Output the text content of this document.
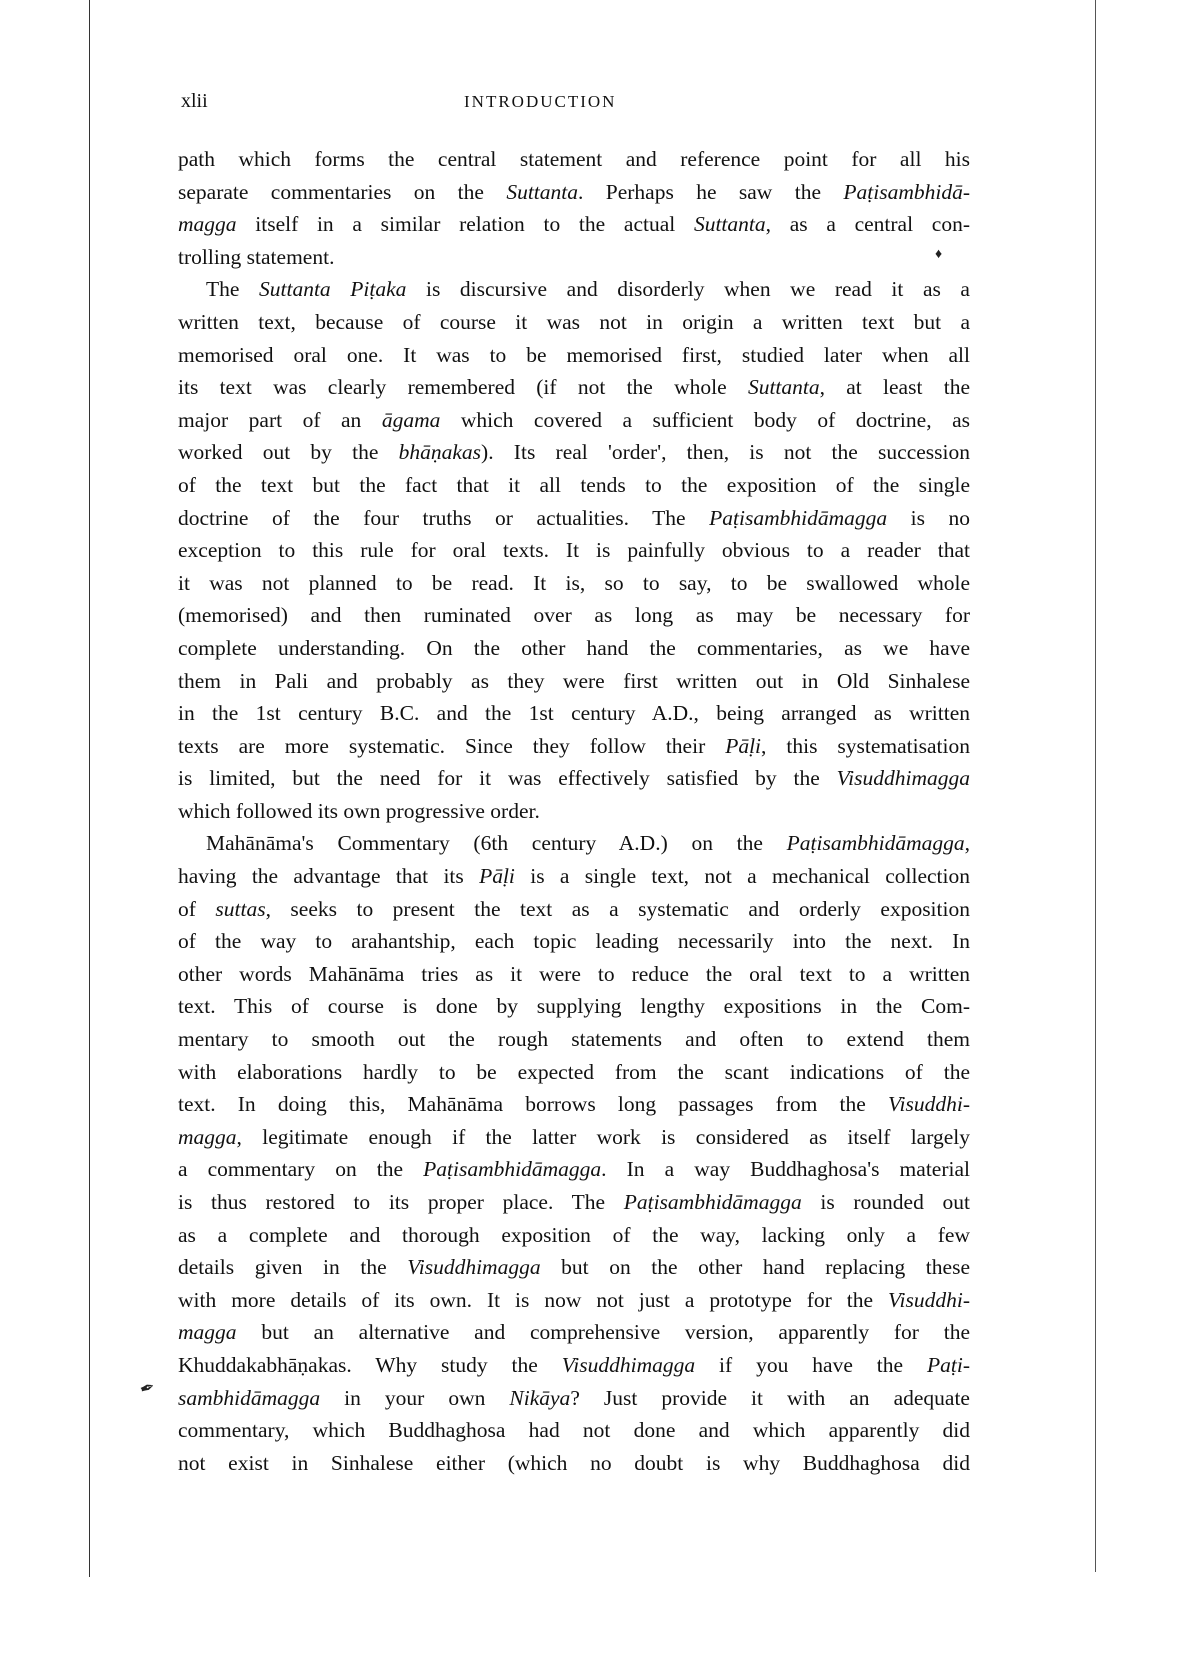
xlii	INTRODUCTION
♦
✒
path which forms the central statement and reference point for all his
separate commentaries on the Suttanta. Perhaps he saw the Paṭisambhidā-
magga itself in a similar relation to the actual Suttanta, as a central con-
trolling statement.
The Suttanta Piṭaka is discursive and disorderly when we read it as a
written text, because of course it was not in origin a written text but a
memorised oral one. It was to be memorised first, studied later when all
its text was clearly remembered (if not the whole Suttanta, at least the
major part of an āgama which covered a sufficient body of doctrine, as
worked out by the bhāṇakas). Its real 'order', then, is not the succession
of the text but the fact that it all tends to the exposition of the single
doctrine of the four truths or actualities. The Paṭisambhidāmagga is no
exception to this rule for oral texts. It is painfully obvious to a reader that
it was not planned to be read. It is, so to say, to be swallowed whole
(memorised) and then ruminated over as long as may be necessary for
complete understanding. On the other hand the commentaries, as we have
them in Pali and probably as they were first written out in Old Sinhalese
in the 1st century B.C. and the 1st century A.D., being arranged as written
texts are more systematic. Since they follow their Pāḷi, this systematisation
is limited, but the need for it was effectively satisfied by the Visuddhimagga
which followed its own progressive order.
Mahānāma's Commentary (6th century A.D.) on the Paṭisambhidāmagga,
having the advantage that its Pāḷi is a single text, not a mechanical collection
of suttas, seeks to present the text as a systematic and orderly exposition
of the way to arahantship, each topic leading necessarily into the next. In
other words Mahānāma tries as it were to reduce the oral text to a written
text. This of course is done by supplying lengthy expositions in the Com-
mentary to smooth out the rough statements and often to extend them
with elaborations hardly to be expected from the scant indications of the
text. In doing this, Mahānāma borrows long passages from the Visuddhi-
magga, legitimate enough if the latter work is considered as itself largely
a commentary on the Paṭisambhidāmagga. In a way Buddhaghosa's material
is thus restored to its proper place. The Paṭisambhidāmagga is rounded out
as a complete and thorough exposition of the way, lacking only a few
details given in the Visuddhimagga but on the other hand replacing these
with more details of its own. It is now not just a prototype for the Visuddhi-
magga but an alternative and comprehensive version, apparently for the
Khuddakabhāṇakas. Why study the Visuddhimagga if you have the Paṭi-
sambhidāmagga in your own Nikāya? Just provide it with an adequate
commentary, which Buddhaghosa had not done and which apparently did
not exist in Sinhalese either (which no doubt is why Buddhaghosa did
